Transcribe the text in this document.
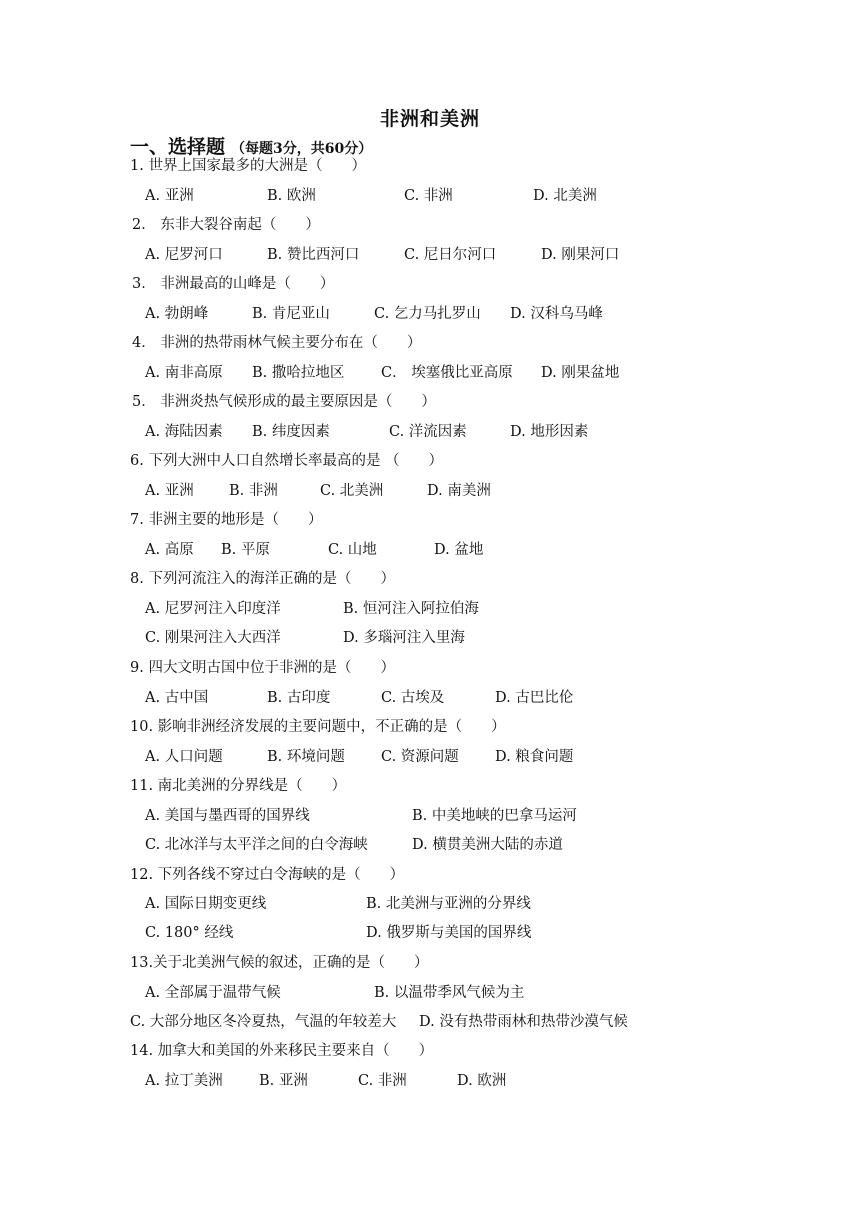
非洲和美洲
一、选择题 （每题3分，共60分）
1. 世界上国家最多的大洲是（　　）
A. 亚洲	B. 欧洲	C. 非洲	D. 北美洲
2． 东非大裂谷南起（　　）
A. 尼罗河口	B. 赞比西河口	C. 尼日尔河口	D. 刚果河口
3． 非洲最高的山峰是（　　）
A. 勃朗峰	B. 肯尼亚山	C. 乞力马扎罗山 D. 汉科乌马峰
4． 非洲的热带雨林气候主要分布在（　　）
A. 南非高原 B. 撒哈拉地区	C． 埃塞俄比亚高原 D. 刚果盆地
5． 非洲炎热气候形成的最主要原因是（　　）
A. 海陆因素 B. 纬度因素	C. 洋流因素	D. 地形因素
6. 下列大洲中人口自然增长率最高的是 （　　）
A. 亚洲 B. 非洲	C. 北美洲	D. 南美洲
7. 非洲主要的地形是（　　）
A. 高原 B. 平原	C. 山地	D. 盆地
8. 下列河流注入的海洋正确的是（　　）
A. 尼罗河注入印度洋	B. 恒河注入阿拉伯海
C. 刚果河注入大西洋	D. 多瑙河注入里海
9. 四大文明古国中位于非洲的是（　　）
A. 古中国	B. 古印度	C. 古埃及	D. 古巴比伦
10. 影响非洲经济发展的主要问题中，不正确的是（　　）
A. 人口问题	B. 环境问题 C. 资源问题 D. 粮食问题
11. 南北美洲的分界线是（　　）
A. 美国与墨西哥的国界线	B. 中美地峡的巴拿马运河
C. 北冰洋与太平洋之间的白令海峡	D. 横贯美洲大陆的赤道
12. 下列各线不穿过白令海峡的是（　　）
A. 国际日期变更线	B. 北美洲与亚洲的分界线
C. 180° 经线	D. 俄罗斯与美国的国界线
13.关于北美洲气候的叙述，正确的是（　　）
A. 全部属于温带气候	B. 以温带季风气候为主
C. 大部分地区冬冷夏热，气温的年较差大 D. 没有热带雨林和热带沙漠气候
14. 加拿大和美国的外来移民主要来自（　　）
A. 拉丁美洲	B. 亚洲	C. 非洲	D. 欧洲
